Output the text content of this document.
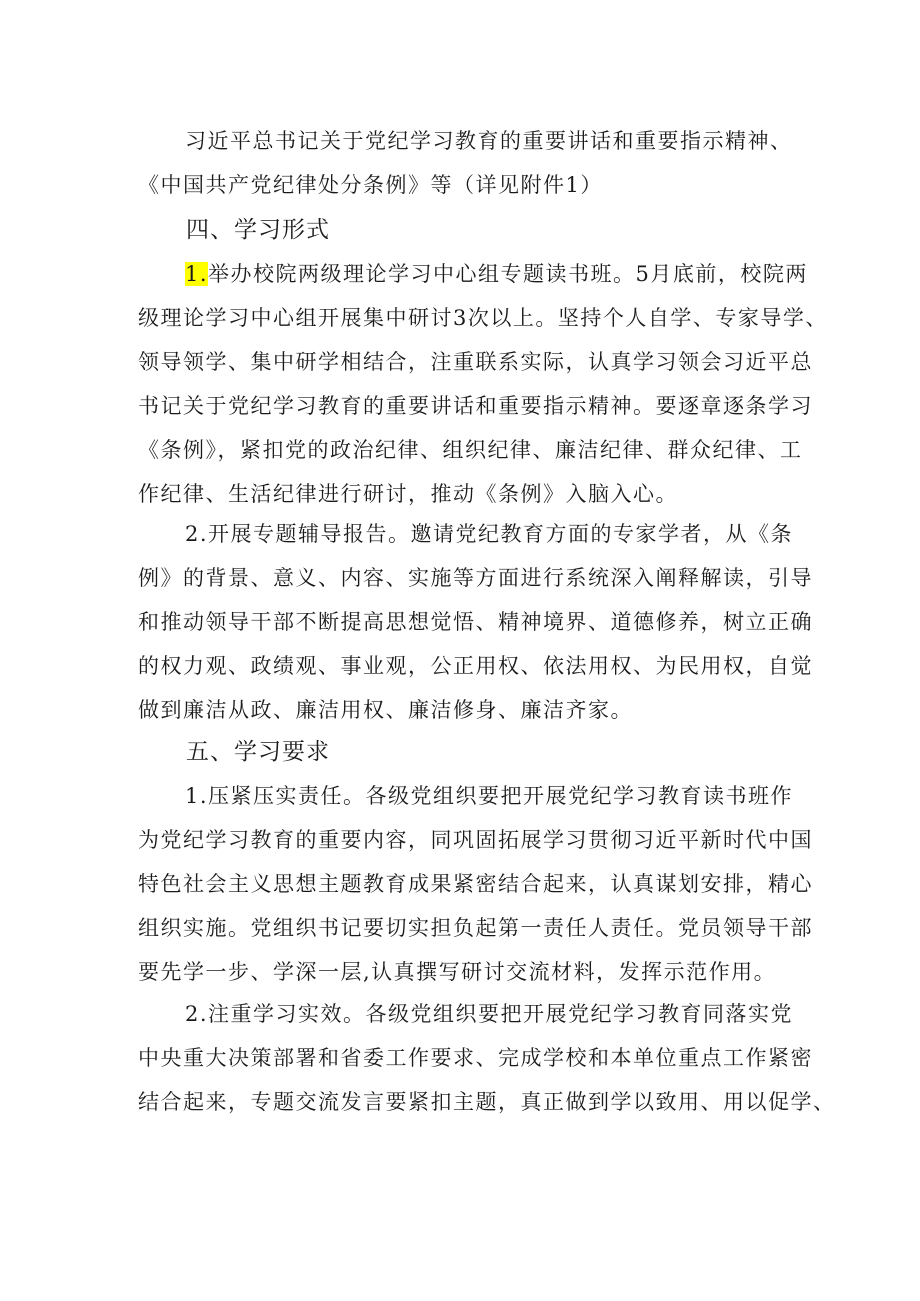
习近平总书记关于党纪学习教育的重要讲话和重要指示精神、
《中国共产党纪律处分条例》等（详见附件1）

四、学习形式

1.举办校院两级理论学习中心组专题读书班。5月底前，校院两
级理论学习中心组开展集中研讨3次以上。坚持个人自学、专家导学、
领导领学、集中研学相结合，注重联系实际，认真学习领会习近平总
书记关于党纪学习教育的重要讲话和重要指示精神。要逐章逐条学习
《条例》，紧扣党的政治纪律、组织纪律、廉洁纪律、群众纪律、工
作纪律、生活纪律进行研讨，推动《条例》入脑入心。

2.开展专题辅导报告。邀请党纪教育方面的专家学者，从《条
例》的背景、意义、内容、实施等方面进行系统深入阐释解读，引导
和推动领导干部不断提高思想觉悟、精神境界、道德修养，树立正确
的权力观、政绩观、事业观，公正用权、依法用权、为民用权，自觉
做到廉洁从政、廉洁用权、廉洁修身、廉洁齐家。

五、学习要求

1.压紧压实责任。各级党组织要把开展党纪学习教育读书班作
为党纪学习教育的重要内容，同巩固拓展学习贯彻习近平新时代中国
特色社会主义思想主题教育成果紧密结合起来，认真谋划安排，精心
组织实施。党组织书记要切实担负起第一责任人责任。党员领导干部
要先学一步、学深一层,认真撰写研讨交流材料，发挥示范作用。

2.注重学习实效。各级党组织要把开展党纪学习教育同落实党
中央重大决策部署和省委工作要求、完成学校和本单位重点工作紧密
结合起来，专题交流发言要紧扣主题，真正做到学以致用、用以促学、
